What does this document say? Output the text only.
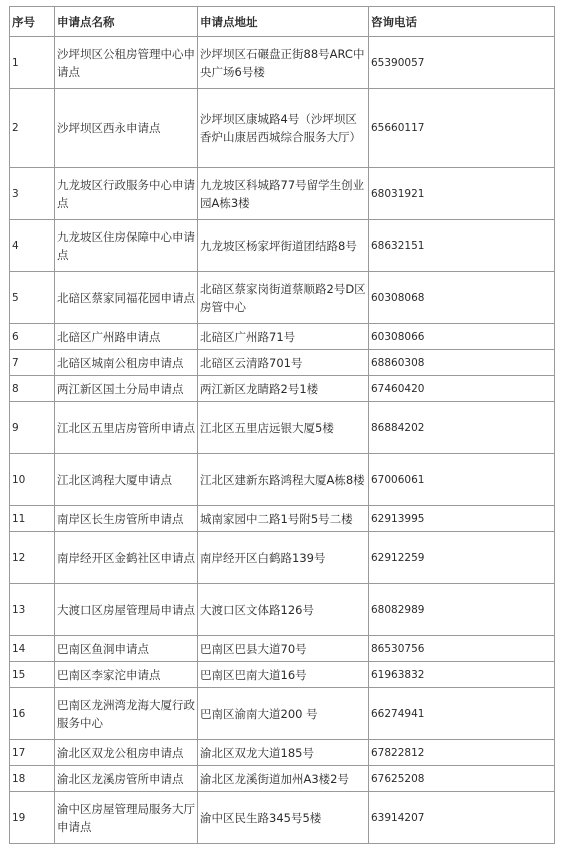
序号	申请点名称	申请点地址	咨询电话
1	沙坪坝区公租房管理中心申请点	沙坪坝区石碾盘正街88号ARC中央广场6号楼	65390057
2	沙坪坝区西永申请点	沙坪坝区康城路4号（沙坪坝区香炉山康居西城综合服务大厅）	65660117
3	九龙坡区行政服务中心申请点	九龙坡区科城路77号留学生创业园A栋3楼	68031921
4	九龙坡区住房保障中心申请点	九龙坡区杨家坪街道团结路8号	68632151
5	北碚区蔡家同福花园申请点	北碚区蔡家岗街道蔡顺路2号D区房管中心	60308068
6	北碚区广州路申请点	北碚区广州路71号	60308066
7	北碚区城南公租房申请点	北碚区云清路701号	68860308
8	两江新区国土分局申请点	两江新区龙睛路2号1楼	67460420
9	江北区五里店房管所申请点	江北区五里店远银大厦5楼	86884202
10	江北区鸿程大厦申请点	江北区建新东路鸿程大厦A栋8楼	67006061
11	南岸区长生房管所申请点	城南家园中二路1号附5号二楼	62913995
12	南岸经开区金鹤社区申请点	南岸经开区白鹤路139号	62912259
13	大渡口区房屋管理局申请点	大渡口区文体路126号	68082989
14	巴南区鱼洞申请点	巴南区巴县大道70号	86530756
15	巴南区李家沱申请点	巴南区巴南大道16号	61963832
16	巴南区龙洲湾龙海大厦行政服务中心	巴南区渝南大道200 号	66274941
17	渝北区双龙公租房申请点	渝北区双龙大道185号	67822812
18	渝北区龙溪房管所申请点	渝北区龙溪街道加州A3楼2号	67625208
19	渝中区房屋管理局服务大厅申请点	渝中区民生路345号5楼	63914207
